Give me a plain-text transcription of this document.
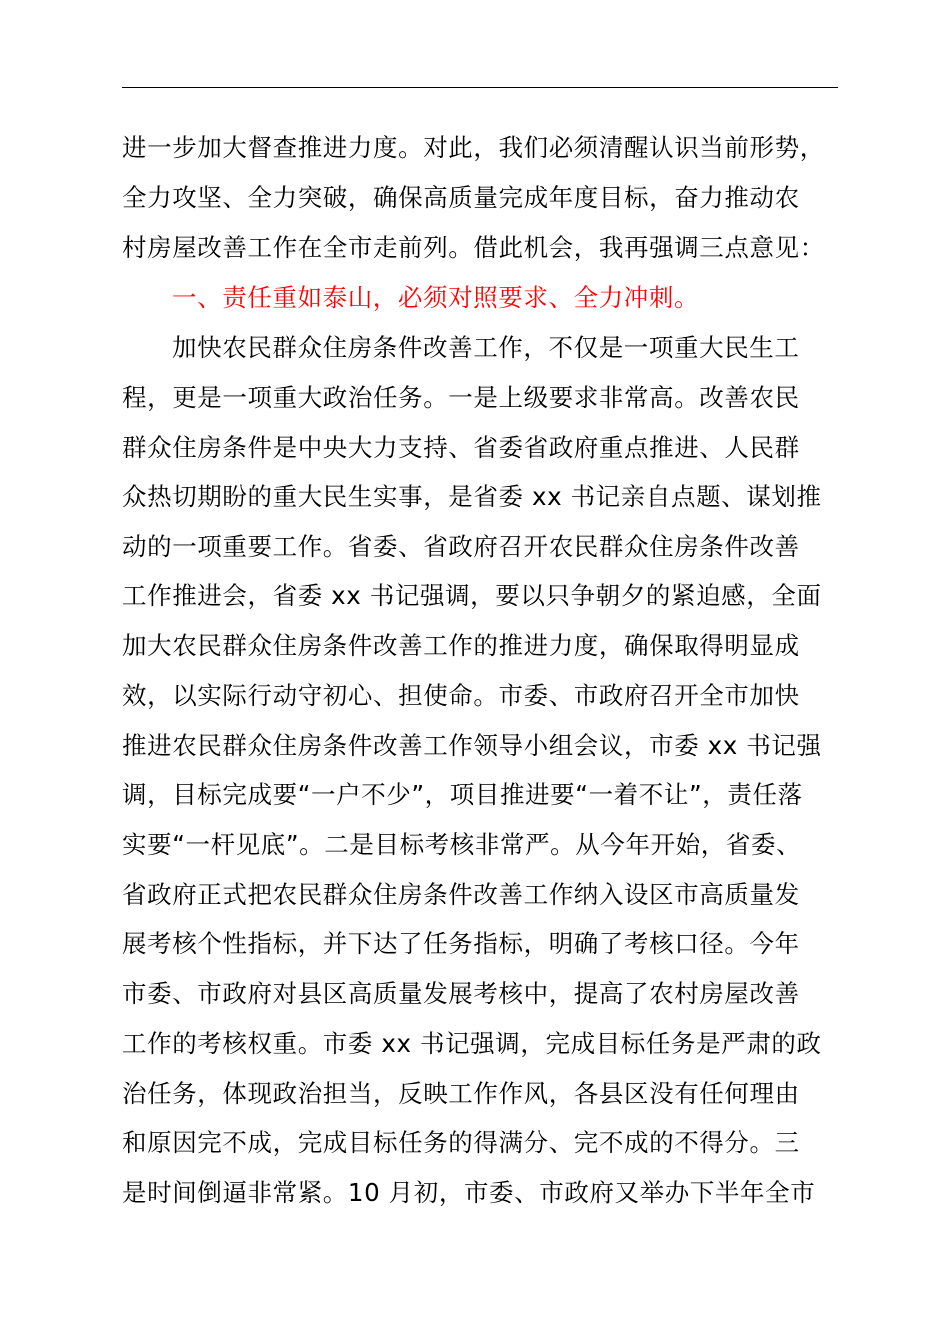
进一步加大督查推进力度。对此，我们必须清醒认识当前形势，
全力攻坚、全力突破，确保高质量完成年度目标，奋力推动农
村房屋改善工作在全市走前列。借此机会，我再强调三点意见：
一、责任重如泰山，必须对照要求、全力冲刺。
加快农民群众住房条件改善工作，不仅是一项重大民生工
程，更是一项重大政治任务。一是上级要求非常高。改善农民
群众住房条件是中央大力支持、省委省政府重点推进、人民群
众热切期盼的重大民生实事，是省委 xx 书记亲自点题、谋划推
动的一项重要工作。省委、省政府召开农民群众住房条件改善
工作推进会，省委 xx 书记强调，要以只争朝夕的紧迫感，全面
加大农民群众住房条件改善工作的推进力度，确保取得明显成
效，以实际行动守初心、担使命。市委、市政府召开全市加快
推进农民群众住房条件改善工作领导小组会议，市委 xx 书记强
调，目标完成要“一户不少”，项目推进要“一着不让”，责任落
实要“一杆见底”。二是目标考核非常严。从今年开始，省委、
省政府正式把农民群众住房条件改善工作纳入设区市高质量发
展考核个性指标，并下达了任务指标，明确了考核口径。今年
市委、市政府对县区高质量发展考核中，提高了农村房屋改善
工作的考核权重。市委 xx 书记强调，完成目标任务是严肃的政
治任务，体现政治担当，反映工作作风，各县区没有任何理由
和原因完不成，完成目标任务的得满分、完不成的不得分。三
是时间倒逼非常紧。10 月初，市委、市政府又举办下半年全市
